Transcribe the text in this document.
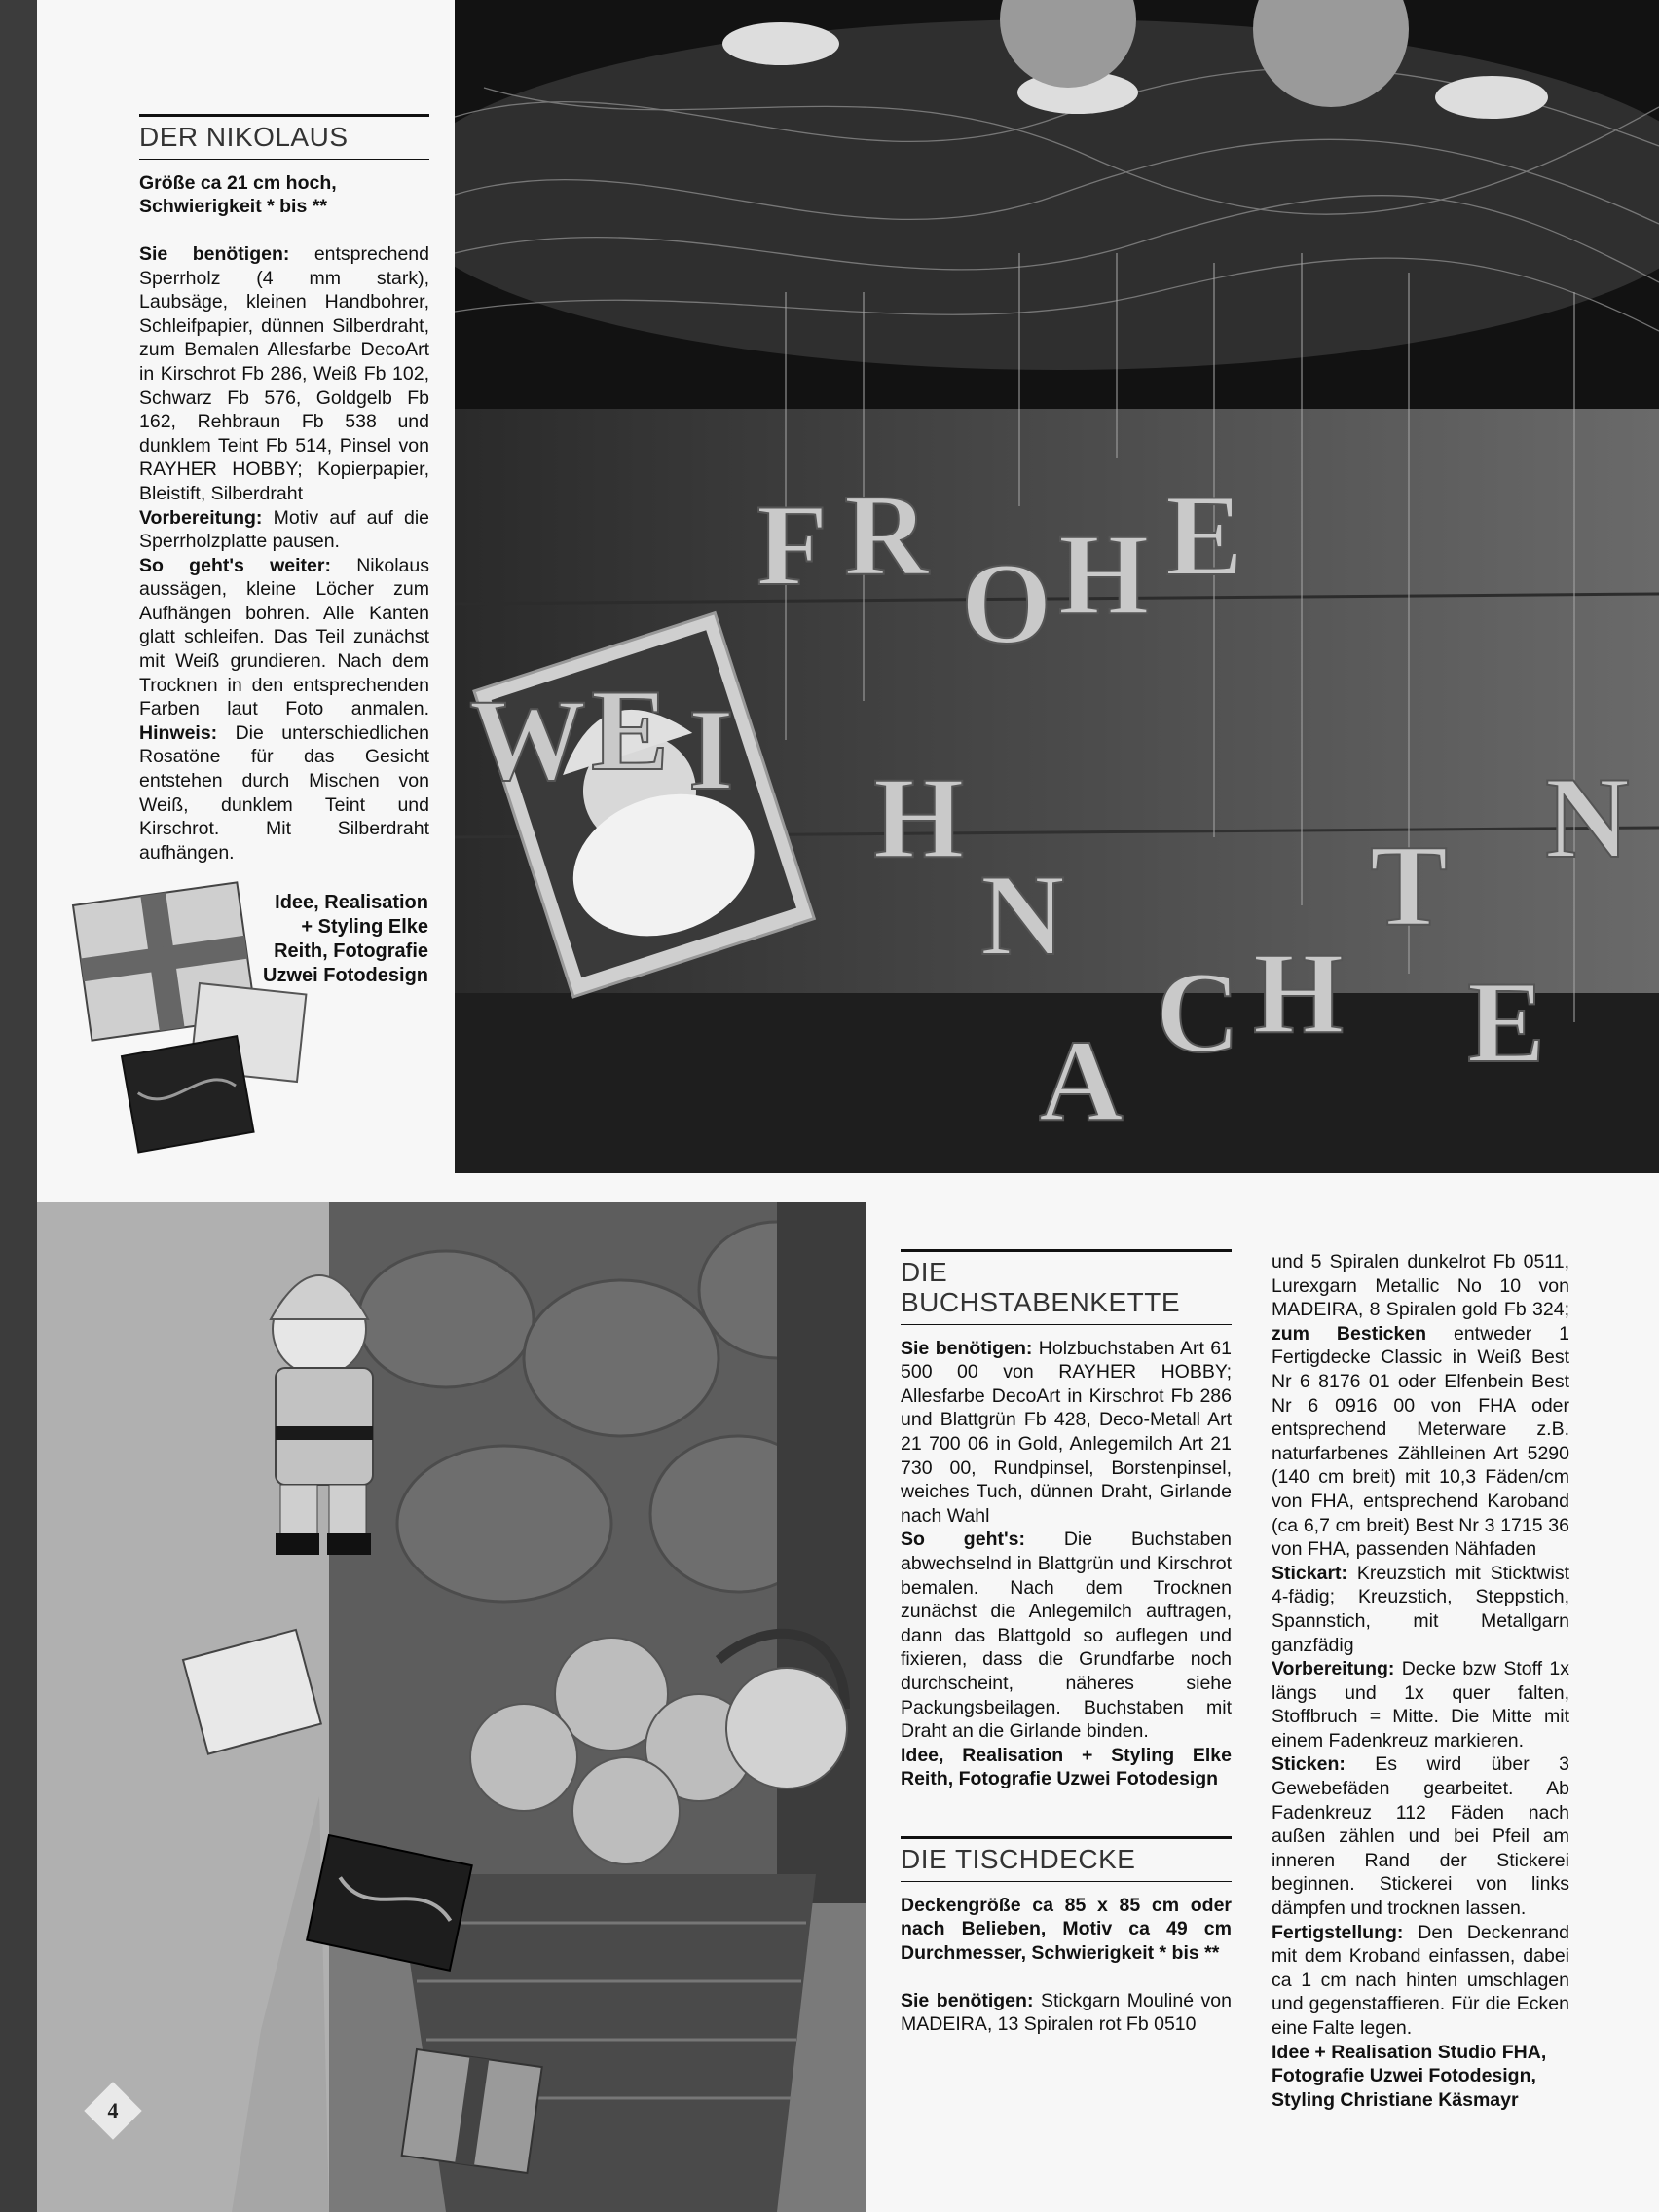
F R
O H E
W E I
H
N
A
C H
T
E
N
DER NIKOLAUS

Größe ca 21 cm hoch, Schwierigkeit * bis **

Sie benötigen: entsprechend Sperrholz (4 mm stark), Laubsäge, kleinen Handbohrer, Schleifpapier, dünnen Silberdraht, zum Bemalen Allesfarbe DecoArt in Kirschrot Fb 286, Weiß Fb 102, Schwarz Fb 576, Goldgelb Fb 162, Rehbraun Fb 538 und dunklem Teint Fb 514, Pinsel von RAYHER HOBBY; Kopierpapier, Bleistift, Silberdraht

Vorbereitung: Motiv auf auf die Sperrholzplatte pausen.

So geht's weiter: Nikolaus aussägen, kleine Löcher zum Aufhängen bohren. Alle Kanten glatt schleifen. Das Teil zunächst mit Weiß grundieren. Nach dem Trocknen in den entsprechenden Farben laut Foto anmalen. Hinweis: Die unterschiedlichen Rosatöne für das Gesicht entstehen durch Mischen von Weiß, dunklem Teint und Kirschrot. Mit Silberdraht aufhängen.

Idee, Realisation + Styling Elke Reith, Fotografie Uzwei Fotodesign
4
DIE BUCHSTABENKETTE

Sie benötigen: Holzbuchstaben Art 61 500 00 von RAYHER HOBBY; Allesfarbe DecoArt in Kirschrot Fb 286 und Blattgrün Fb 428, Deco-Metall Art 21 700 06 in Gold, Anlegemilch Art 21 730 00, Rundpinsel, Borstenpinsel, weiches Tuch, dünnen Draht, Girlande nach Wahl

So geht's: Die Buchstaben abwechselnd in Blattgrün und Kirschrot bemalen. Nach dem Trocknen zunächst die Anlegemilch auftragen, dann das Blattgold so auflegen und fixieren, dass die Grundfarbe noch durchscheint, näheres siehe Packungsbeilagen. Buchstaben mit Draht an die Girlande binden.

Idee, Realisation + Styling Elke Reith, Fotografie Uzwei Fotodesign

DIE TISCHDECKE

Deckengröße ca 85 x 85 cm oder nach Belieben, Motiv ca 49 cm Durchmesser, Schwierigkeit * bis **

Sie benötigen: Stickgarn Mouliné von MADEIRA, 13 Spiralen rot Fb 0510

und 5 Spiralen dunkelrot Fb 0511, Lurexgarn Metallic No 10 von MADEIRA, 8 Spiralen gold Fb 324; zum Besticken entweder 1 Fertigdecke Classic in Weiß Best Nr 6 8176 01 oder Elfenbein Best Nr 6 0916 00 von FHA oder entsprechend Meterware z.B. naturfarbenes Zählleinen Art 5290 (140 cm breit) mit 10,3 Fäden/cm von FHA, entsprechend Karoband (ca 6,7 cm breit) Best Nr 3 1715 36 von FHA, passenden Nähfaden

Stickart: Kreuzstich mit Sticktwist 4-fädig; Kreuzstich, Steppstich, Spannstich, mit Metallgarn ganzfädig

Vorbereitung: Decke bzw Stoff 1x längs und 1x quer falten, Stoffbruch = Mitte. Die Mitte mit einem Fadenkreuz markieren.

Sticken: Es wird über 3 Gewebefäden gearbeitet. Ab Fadenkreuz 112 Fäden nach außen zählen und bei Pfeil am inneren Rand der Stickerei beginnen. Stickerei von links dämpfen und trocknen lassen.

Fertigstellung: Den Deckenrand mit dem Kroband einfassen, dabei ca 1 cm nach hinten umschlagen und gegenstaffieren. Für die Ecken eine Falte legen.

Idee + Realisation Studio FHA, Fotografie Uzwei Fotodesign, Styling Christiane Käsmayr
